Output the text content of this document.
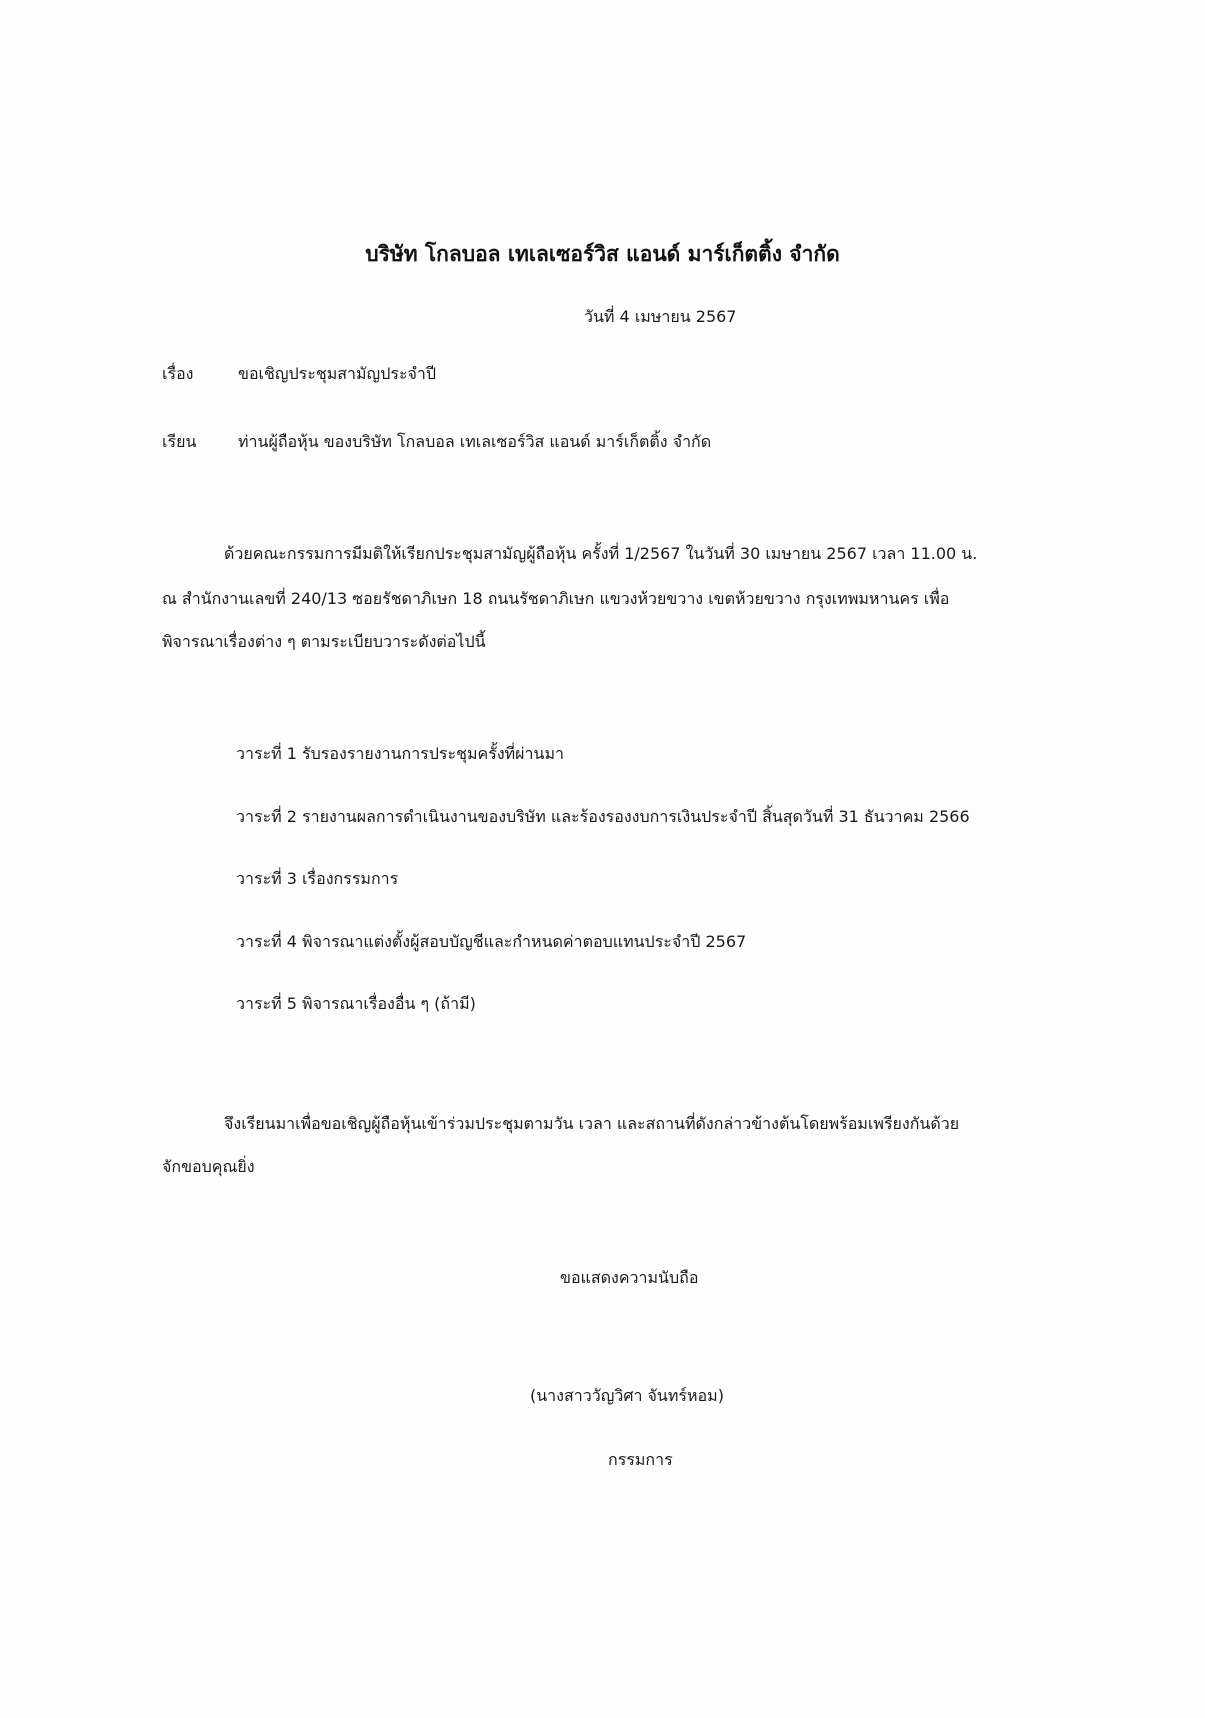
บริษัท โกลบอล เทเลเซอร์วิส แอนด์ มาร์เก็ตติ้ง จำกัด
วันที่ 4 เมษายน 2567
เรื่อง	ขอเชิญประชุมสามัญประจำปี
เรียน	ท่านผู้ถือหุ้น ของบริษัท โกลบอล เทเลเซอร์วิส แอนด์ มาร์เก็ตติ้ง จำกัด
ด้วยคณะกรรมการมีมติให้เรียกประชุมสามัญผู้ถือหุ้น ครั้งที่ 1/2567 ในวันที่ 30 เมษายน 2567 เวลา 11.00 น.
ณ สำนักงานเลขที่ 240/13 ซอยรัชดาภิเษก 18 ถนนรัชดาภิเษก แขวงห้วยขวาง เขตห้วยขวาง กรุงเทพมหานคร เพื่อ
พิจารณาเรื่องต่าง ๆ ตามระเบียบวาระดังต่อไปนี้
วาระที่ 1 รับรองรายงานการประชุมครั้งที่ผ่านมา
วาระที่ 2 รายงานผลการดำเนินงานของบริษัท และร้องรองงบการเงินประจำปี สิ้นสุดวันที่ 31 ธันวาคม 2566
วาระที่ 3 เรื่องกรรมการ
วาระที่ 4 พิจารณาแต่งตั้งผู้สอบบัญชีและกำหนดค่าตอบแทนประจำปี 2567
วาระที่ 5 พิจารณาเรื่องอื่น ๆ (ถ้ามี)
จึงเรียนมาเพื่อขอเชิญผู้ถือหุ้นเข้าร่วมประชุมตามวัน เวลา และสถานที่ดังกล่าวข้างต้นโดยพร้อมเพรียงกันด้วย
จักขอบคุณยิ่ง
ขอแสดงความนับถือ
(นางสาววัญวิศา จันทร์หอม)
กรรมการ
